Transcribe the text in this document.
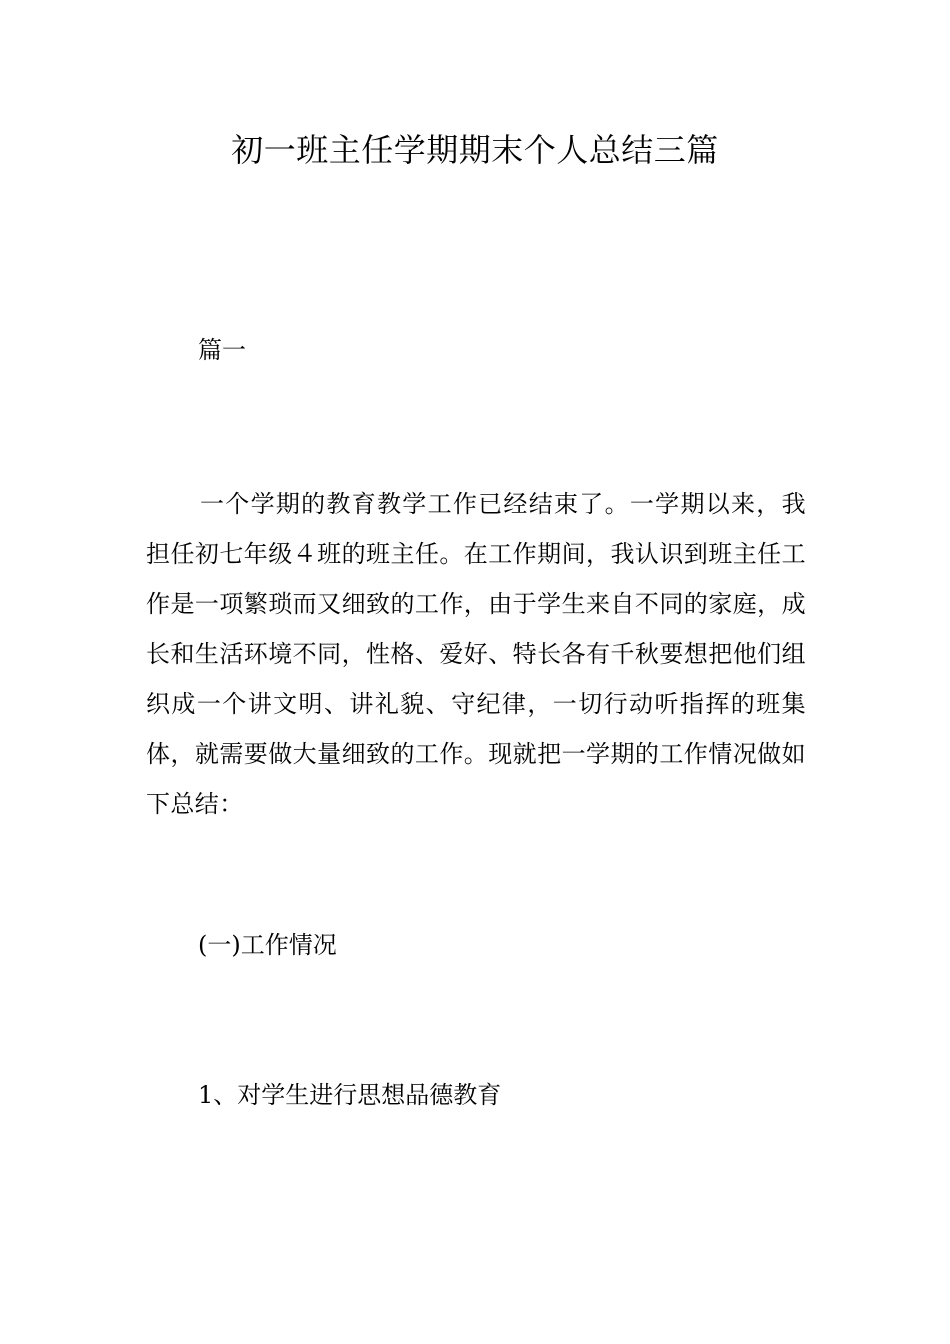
初一班主任学期期末个人总结三篇

篇一

一个学期的教育教学工作已经结束了。一学期以来，我担任初七年级４班的班主任。在工作期间，我认识到班主任工作是一项繁琐而又细致的工作，由于学生来自不同的家庭，成长和生活环境不同，性格、爱好、特长各有千秋要想把他们组织成一个讲文明、讲礼貌、守纪律，一切行动听指挥的班集体，就需要做大量细致的工作。现就把一学期的工作情况做如下总结：

(一)工作情况

1、对学生进行思想品德教育
